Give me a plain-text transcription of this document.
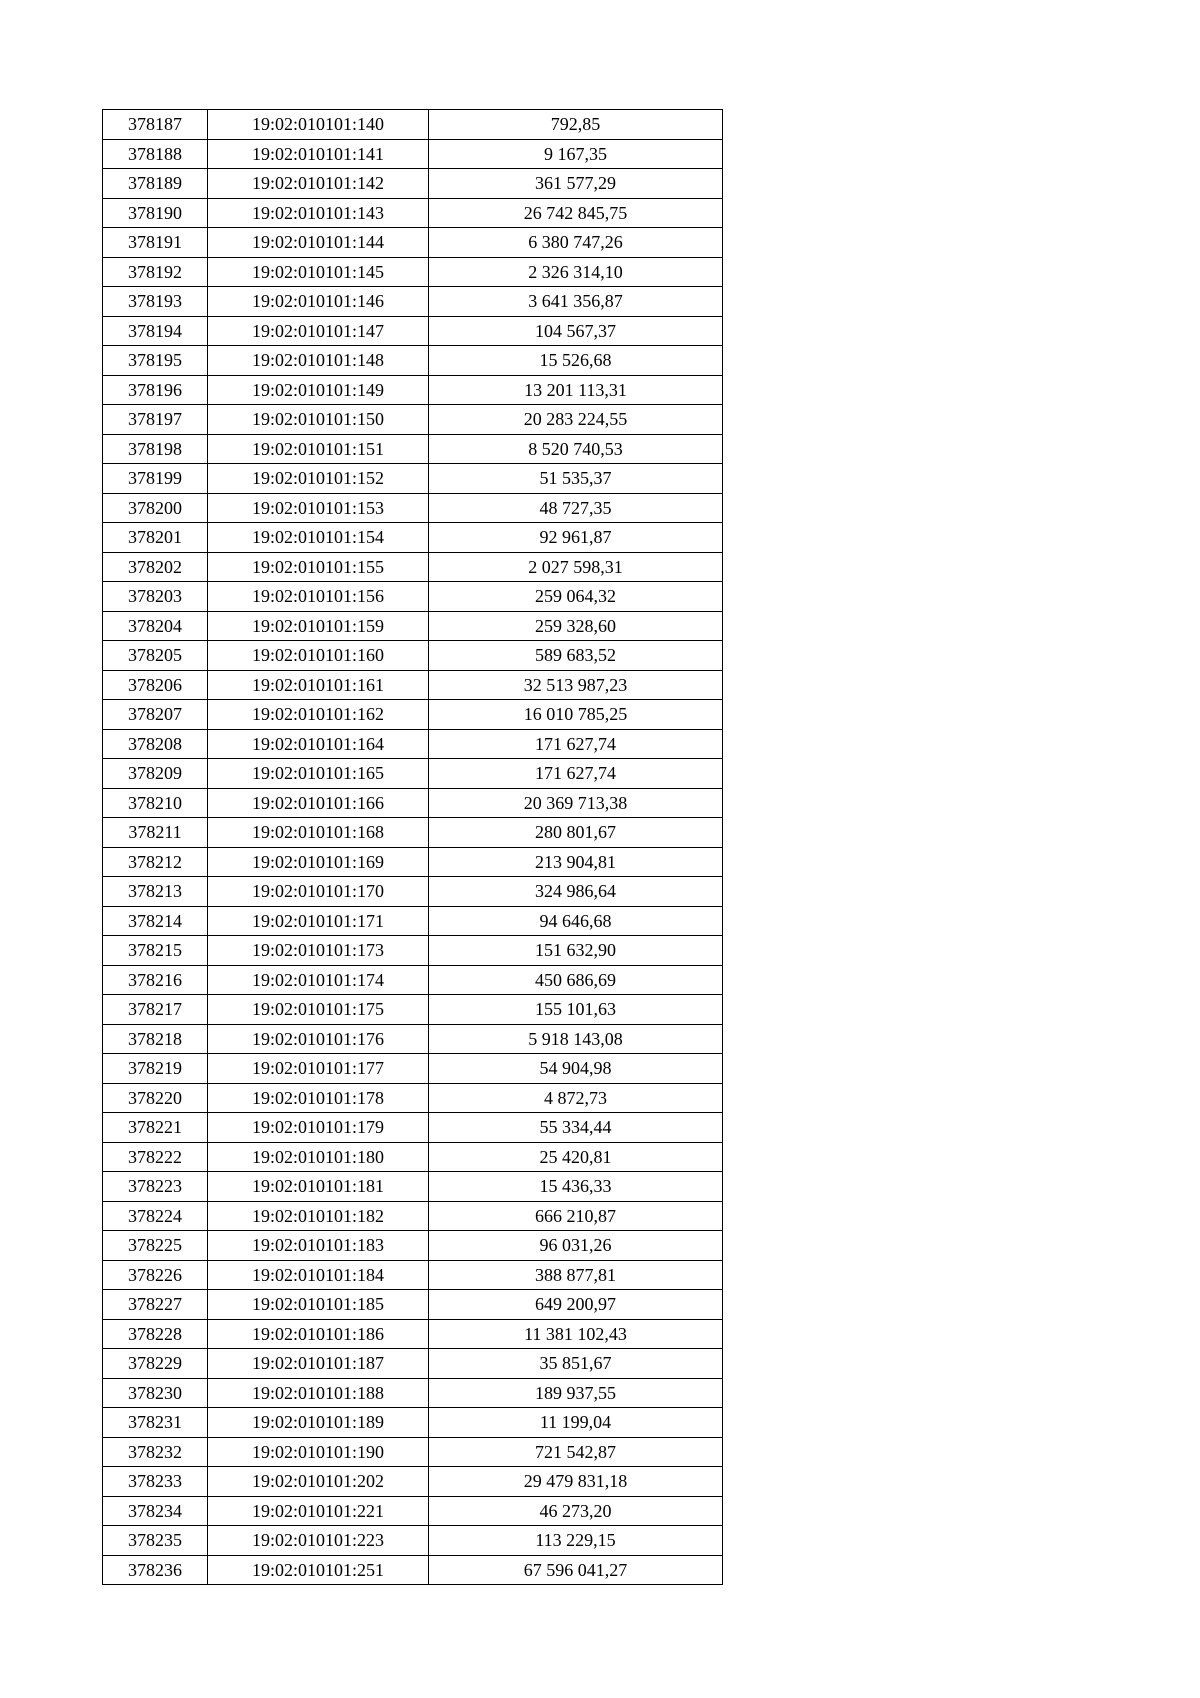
378187	19:02:010101:140	792,85
378188	19:02:010101:141	9 167,35
378189	19:02:010101:142	361 577,29
378190	19:02:010101:143	26 742 845,75
378191	19:02:010101:144	6 380 747,26
378192	19:02:010101:145	2 326 314,10
378193	19:02:010101:146	3 641 356,87
378194	19:02:010101:147	104 567,37
378195	19:02:010101:148	15 526,68
378196	19:02:010101:149	13 201 113,31
378197	19:02:010101:150	20 283 224,55
378198	19:02:010101:151	8 520 740,53
378199	19:02:010101:152	51 535,37
378200	19:02:010101:153	48 727,35
378201	19:02:010101:154	92 961,87
378202	19:02:010101:155	2 027 598,31
378203	19:02:010101:156	259 064,32
378204	19:02:010101:159	259 328,60
378205	19:02:010101:160	589 683,52
378206	19:02:010101:161	32 513 987,23
378207	19:02:010101:162	16 010 785,25
378208	19:02:010101:164	171 627,74
378209	19:02:010101:165	171 627,74
378210	19:02:010101:166	20 369 713,38
378211	19:02:010101:168	280 801,67
378212	19:02:010101:169	213 904,81
378213	19:02:010101:170	324 986,64
378214	19:02:010101:171	94 646,68
378215	19:02:010101:173	151 632,90
378216	19:02:010101:174	450 686,69
378217	19:02:010101:175	155 101,63
378218	19:02:010101:176	5 918 143,08
378219	19:02:010101:177	54 904,98
378220	19:02:010101:178	4 872,73
378221	19:02:010101:179	55 334,44
378222	19:02:010101:180	25 420,81
378223	19:02:010101:181	15 436,33
378224	19:02:010101:182	666 210,87
378225	19:02:010101:183	96 031,26
378226	19:02:010101:184	388 877,81
378227	19:02:010101:185	649 200,97
378228	19:02:010101:186	11 381 102,43
378229	19:02:010101:187	35 851,67
378230	19:02:010101:188	189 937,55
378231	19:02:010101:189	11 199,04
378232	19:02:010101:190	721 542,87
378233	19:02:010101:202	29 479 831,18
378234	19:02:010101:221	46 273,20
378235	19:02:010101:223	113 229,15
378236	19:02:010101:251	67 596 041,27
